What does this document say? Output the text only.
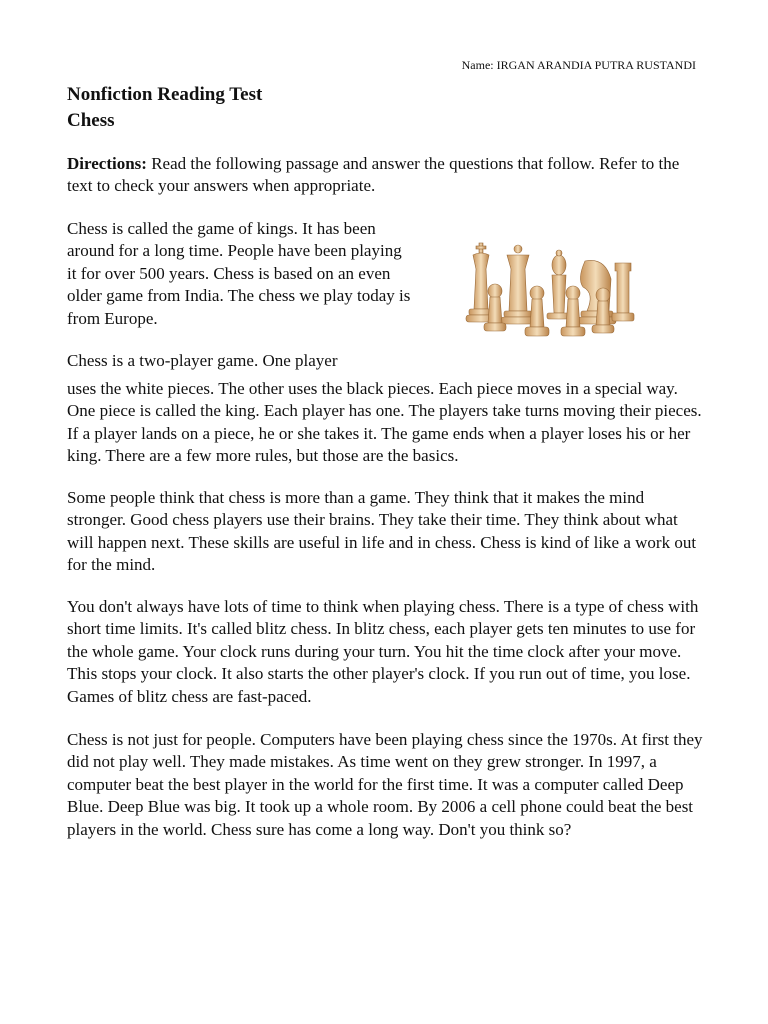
Name: IRGAN ARANDIA PUTRA RUSTANDI
Nonfiction Reading Test
Chess

Directions: Read the following passage and answer the questions that follow. Refer to the text to check your answers when appropriate.

Chess is called the game of kings. It has been around for a long time. People have been playing it for over 500 years. Chess is based on an even older game from India. The chess we play today is from Europe.

Chess is a two-player game. One player

uses the white pieces. The other uses the black pieces. Each piece moves in a special way. One piece is called the king. Each player has one. The players take turns moving their pieces. If a player lands on a piece, he or she takes it. The game ends when a player loses his or her king. There are a few more rules, but those are the basics.

Some people think that chess is more than a game. They think that it makes the mind stronger. Good chess players use their brains. They take their time. They think about what will happen next. These skills are useful in life and in chess. Chess is kind of like a work out for the mind.

You don't always have lots of time to think when playing chess. There is a type of chess with short time limits. It's called blitz chess. In blitz chess, each player gets ten minutes to use for the whole game. Your clock runs during your turn. You hit the time clock after your move. This stops your clock. It also starts the other player's clock. If you run out of time, you lose. Games of blitz chess are fast-paced.

Chess is not just for people. Computers have been playing chess since the 1970s. At first they did not play well. They made mistakes. As time went on they grew stronger. In 1997, a computer beat the best player in the world for the first time. It was a computer called Deep Blue. Deep Blue was big. It took up a whole room. By 2006 a cell phone could beat the best players in the world. Chess sure has come a long way. Don't you think so?
